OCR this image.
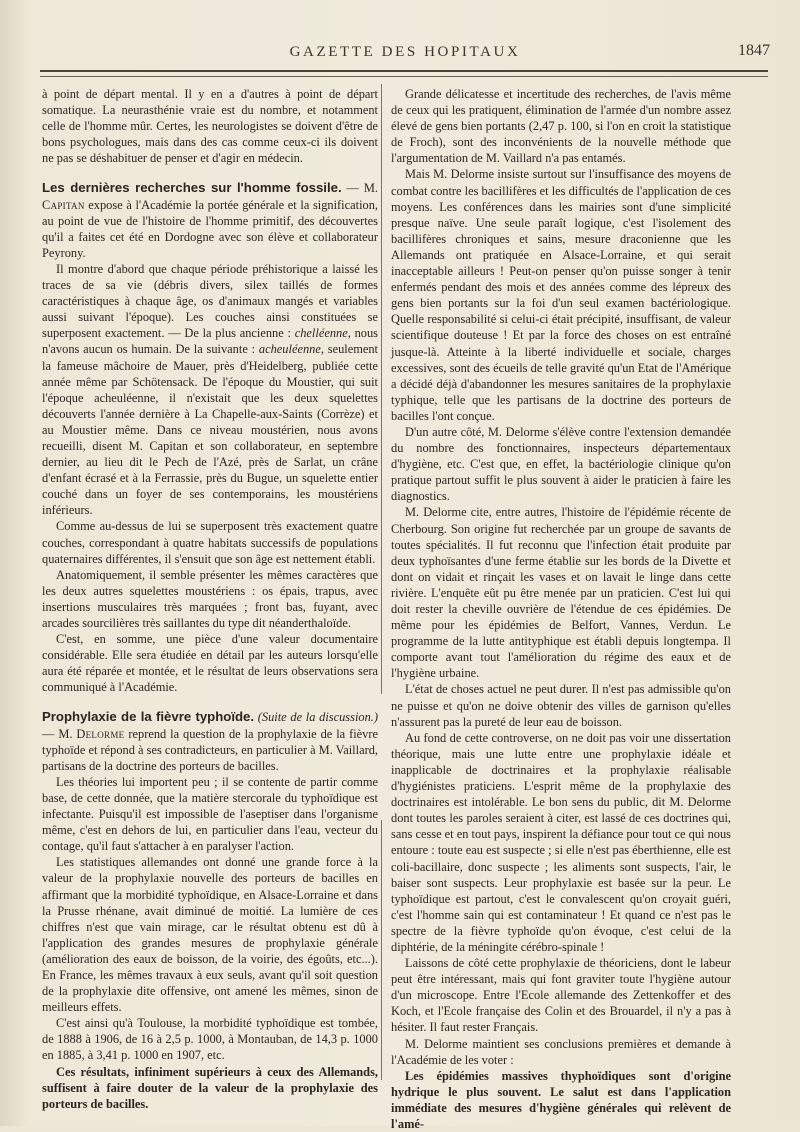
GAZETTE DES HOPITAUX	1847

à point de départ mental. Il y en a d'autres à point de départ somatique. La neurasthénie vraie est du nombre, et notamment celle de l'homme mûr. Certes, les neurologistes se doivent d'être de bons psychologues, mais dans des cas comme ceux-ci ils doivent ne pas se déshabituer de penser et d'agir en médecin.

Les dernières recherches sur l'homme fossile. — M. Capitan expose à l'Académie la portée générale et la signification, au point de vue de l'histoire de l'homme primitif, des découvertes qu'il a faites cet été en Dordogne avec son élève et collaborateur Peyrony.

Il montre d'abord que chaque période préhistorique a laissé les traces de sa vie (débris divers, silex taillés de formes caractéristiques à chaque âge, os d'animaux mangés et variables aussi suivant l'époque). Les couches ainsi constituées se superposent exactement. — De la plus ancienne : chelléenne, nous n'avons aucun os humain. De la suivante : acheuléenne, seulement la fameuse mâchoire de Mauer, près d'Heidelberg, publiée cette année même par Schötensack. De l'époque du Moustier, qui suit l'époque acheuléenne, il n'existait que les deux squelettes découverts l'année dernière à La Chapelle-aux-Saints (Corrèze) et au Moustier même. Dans ce niveau moustérien, nous avons recueilli, disent M. Capitan et son collaborateur, en septembre dernier, au lieu dit le Pech de l'Azé, près de Sarlat, un crâne d'enfant écrasé et à la Ferrassie, près du Bugue, un squelette entier couché dans un foyer de ses contemporains, les moustériens inférieurs.

Comme au-dessus de lui se superposent très exactement quatre couches, correspondant à quatre habitats successifs de populations quaternaires différentes, il s'ensuit que son âge est nettement établi.

Anatomiquement, il semble présenter les mêmes caractères que les deux autres squelettes moustériens : os épais, trapus, avec insertions musculaires très marquées ; front bas, fuyant, avec arcades sourcilières très saillantes du type dit néanderthaloïde.

C'est, en somme, une pièce d'une valeur documentaire considérable. Elle sera étudiée en détail par les auteurs lorsqu'elle aura été réparée et montée, et le résultat de leurs observations sera communiqué à l'Académie.

Prophylaxie de la fièvre typhoïde. (Suite de la discussion.) — M. Delorme reprend la question de la prophylaxie de la fièvre typhoïde et répond à ses contradicteurs, en particulier à M. Vaillard, partisans de la doctrine des porteurs de bacilles.

Les théories lui importent peu ; il se contente de partir comme base, de cette donnée, que la matière stercorale du typhoïdique est infectante. Puisqu'il est impossible de l'aseptiser dans l'organisme même, c'est en dehors de lui, en particulier dans l'eau, vecteur du contage, qu'il faut s'attacher à en paralyser l'action.

Les statistiques allemandes ont donné une grande force à la valeur de la prophylaxie nouvelle des porteurs de bacilles en affirmant que la morbidité typhoïdique, en Alsace-Lorraine et dans la Prusse rhénane, avait diminué de moitié. La lumière de ces chiffres n'est que vain mirage, car le résultat obtenu est dû à l'application des grandes mesures de prophylaxie générale (amélioration des eaux de boisson, de la voirie, des égoûts, etc...). En France, les mêmes travaux à eux seuls, avant qu'il soit question de la prophylaxie dite offensive, ont amené les mêmes, sinon de meilleurs effets.

C'est ainsi qu'à Toulouse, la morbidité typhoïdique est tombée, de 1888 à 1906, de 16 à 2,5 p. 1000, à Montauban, de 14,3 p. 1000 en 1885, à 3,41 p. 1000 en 1907, etc.

Ces résultats, infiniment supérieurs à ceux des Allemands, suffisent à faire douter de la valeur de la prophylaxie des porteurs de bacilles.

Grande délicatesse et incertitude des recherches, de l'avis même de ceux qui les pratiquent, élimination de l'armée d'un nombre assez élevé de gens bien portants (2,47 p. 100, si l'on en croit la statistique de Froch), sont des inconvénients de la nouvelle méthode que l'argumentation de M. Vaillard n'a pas entamés.

Mais M. Delorme insiste surtout sur l'insuffisance des moyens de combat contre les bacillifères et les difficultés de l'application de ces moyens. Les conférences dans les mairies sont d'une simplicité presque naïve. Une seule paraît logique, c'est l'isolement des bacillifères chroniques et sains, mesure draconienne que les Allemands ont pratiquée en Alsace-Lorraine, et qui serait inacceptable ailleurs ! Peut-on penser qu'on puisse songer à tenir enfermés pendant des mois et des années comme des lépreux des gens bien portants sur la foi d'un seul examen bactériologique. Quelle responsabilité si celui-ci était précipité, insuffisant, de valeur scientifique douteuse ! Et par la force des choses on est entraîné jusque-là. Atteinte à la liberté individuelle et sociale, charges excessives, sont des écueils de telle gravité qu'un Etat de l'Amérique a décidé déjà d'abandonner les mesures sanitaires de la prophylaxie typhique, telle que les partisans de la doctrine des porteurs de bacilles l'ont conçue.

D'un autre côté, M. Delorme s'élève contre l'extension demandée du nombre des fonctionnaires, inspecteurs départementaux d'hygiène, etc. C'est que, en effet, la bactériologie clinique qu'on pratique partout suffit le plus souvent à aider le praticien à faire les diagnostics.

M. Delorme cite, entre autres, l'histoire de l'épidémie récente de Cherbourg. Son origine fut recherchée par un groupe de savants de toutes spécialités. Il fut reconnu que l'infection était produite par deux typhoïsantes d'une ferme établie sur les bords de la Divette et dont on vidait et rinçait les vases et on lavait le linge dans cette rivière. L'enquête eût pu être menée par un praticien. C'est lui qui doit rester la cheville ouvrière de l'étendue de ces épidémies. De même pour les épidémies de Belfort, Vannes, Verdun. Le programme de la lutte antityphique est établi depuis longtempa. Il comporte avant tout l'amélioration du régime des eaux et de l'hygiène urbaine.

L'état de choses actuel ne peut durer. Il n'est pas admissible qu'on ne puisse et qu'on ne doive obtenir des villes de garnison qu'elles n'assurent pas la pureté de leur eau de boisson.

Au fond de cette controverse, on ne doit pas voir une dissertation théorique, mais une lutte entre une prophylaxie idéale et inapplicable de doctrinaires et la prophylaxie réalisable d'hygiénistes praticiens. L'esprit même de la prophylaxie des doctrinaires est intolérable. Le bon sens du public, dit M. Delorme dont toutes les paroles seraient à citer, est lassé de ces doctrines qui, sans cesse et en tout pays, inspirent la défiance pour tout ce qui nous entoure : toute eau est suspecte ; si elle n'est pas éberthienne, elle est coli-bacillaire, donc suspecte ; les aliments sont suspects, l'air, le baiser sont suspects. Leur prophylaxie est basée sur la peur. Le typhoïdique est partout, c'est le convalescent qu'on croyait guéri, c'est l'homme sain qui est contaminateur ! Et quand ce n'est pas le spectre de la fièvre typhoïde qu'on évoque, c'est celui de la diphtérie, de la méningite cérébro-spinale !

Laissons de côté cette prophylaxie de théoriciens, dont le labeur peut être intéressant, mais qui font graviter toute l'hygiène autour d'un microscope. Entre l'Ecole allemande des Zettenkoffer et des Koch, et l'Ecole française des Colin et des Brouardel, il n'y a pas à hésiter. Il faut rester Français.

M. Delorme maintient ses conclusions premières et demande à l'Académie de les voter :

Les épidémies massives thyphoïdiques sont d'origine hydrique le plus souvent. Le salut est dans l'application immédiate des mesures d'hygiène générales qui relèvent de l'amé-
